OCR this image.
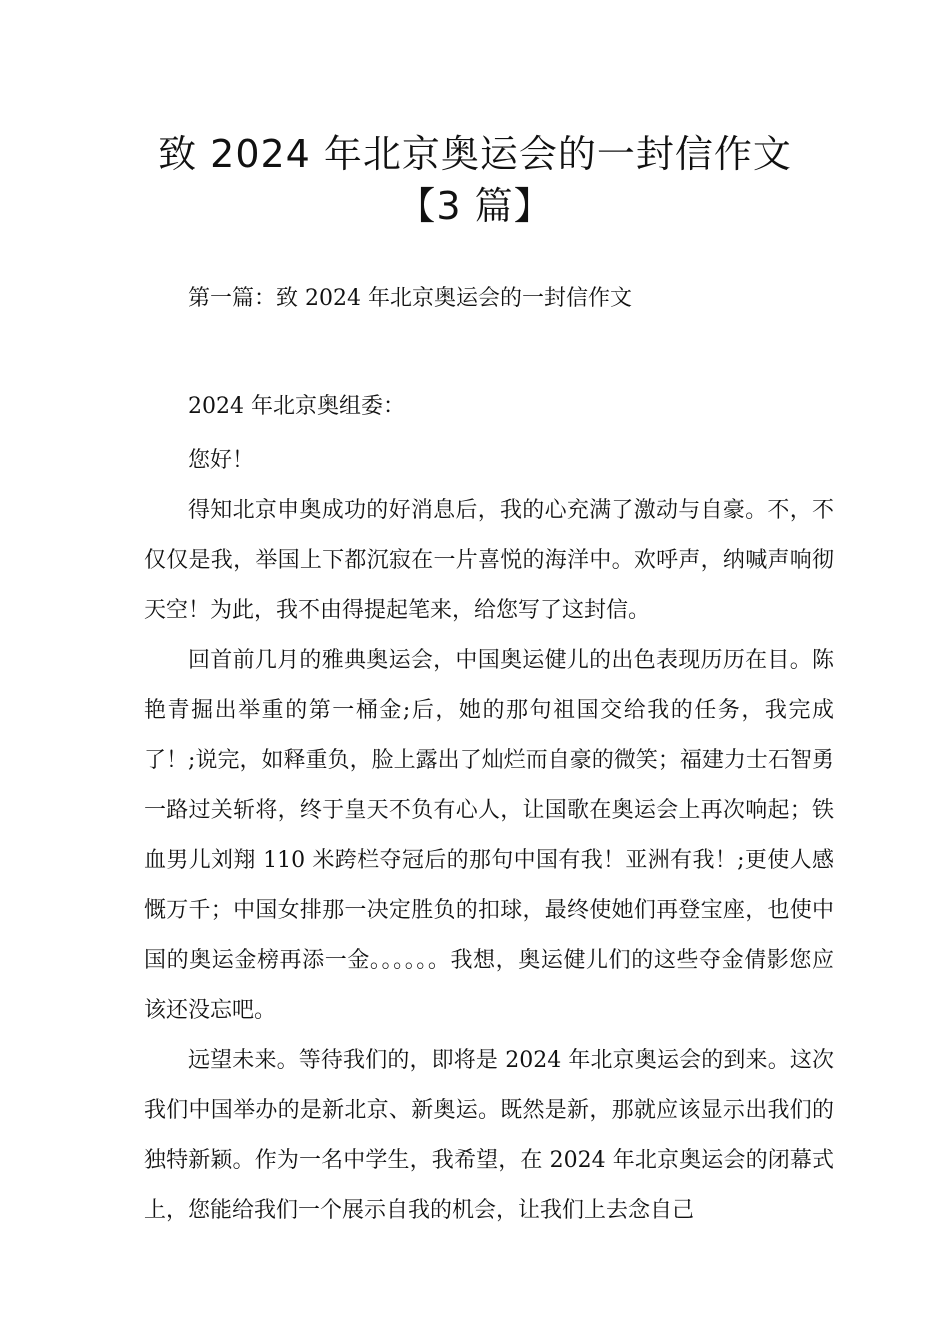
致 2024 年北京奥运会的一封信作文【3 篇】
第一篇：致 2024 年北京奥运会的一封信作文

2024 年北京奥组委：

您好！

得知北京申奥成功的好消息后，我的心充满了激动与自豪。不，不仅仅是我，举国上下都沉寂在一片喜悦的海洋中。欢呼声，纳喊声响彻天空！为此，我不由得提起笔来，给您写了这封信。

回首前几月的雅典奥运会，中国奥运健儿的出色表现历历在目。陈艳青掘出举重的第一桶金;后，她的那句祖国交给我的任务，我完成了！;说完，如释重负，脸上露出了灿烂而自豪的微笑；福建力士石智勇一路过关斩将，终于皇天不负有心人，让国歌在奥运会上再次响起；铁血男儿刘翔 110 米跨栏夺冠后的那句中国有我！亚洲有我！;更使人感慨万千；中国女排那一决定胜负的扣球，最终使她们再登宝座，也使中国的奥运金榜再添一金。。。。。。我想，奥运健儿们的这些夺金倩影您应该还没忘吧。

远望未来。等待我们的，即将是 2024 年北京奥运会的到来。这次我们中国举办的是新北京、新奥运。既然是新，那就应该显示出我们的独特新颖。作为一名中学生，我希望，在 2024 年北京奥运会的闭幕式上，您能给我们一个展示自我的机会，让我们上去念自己
